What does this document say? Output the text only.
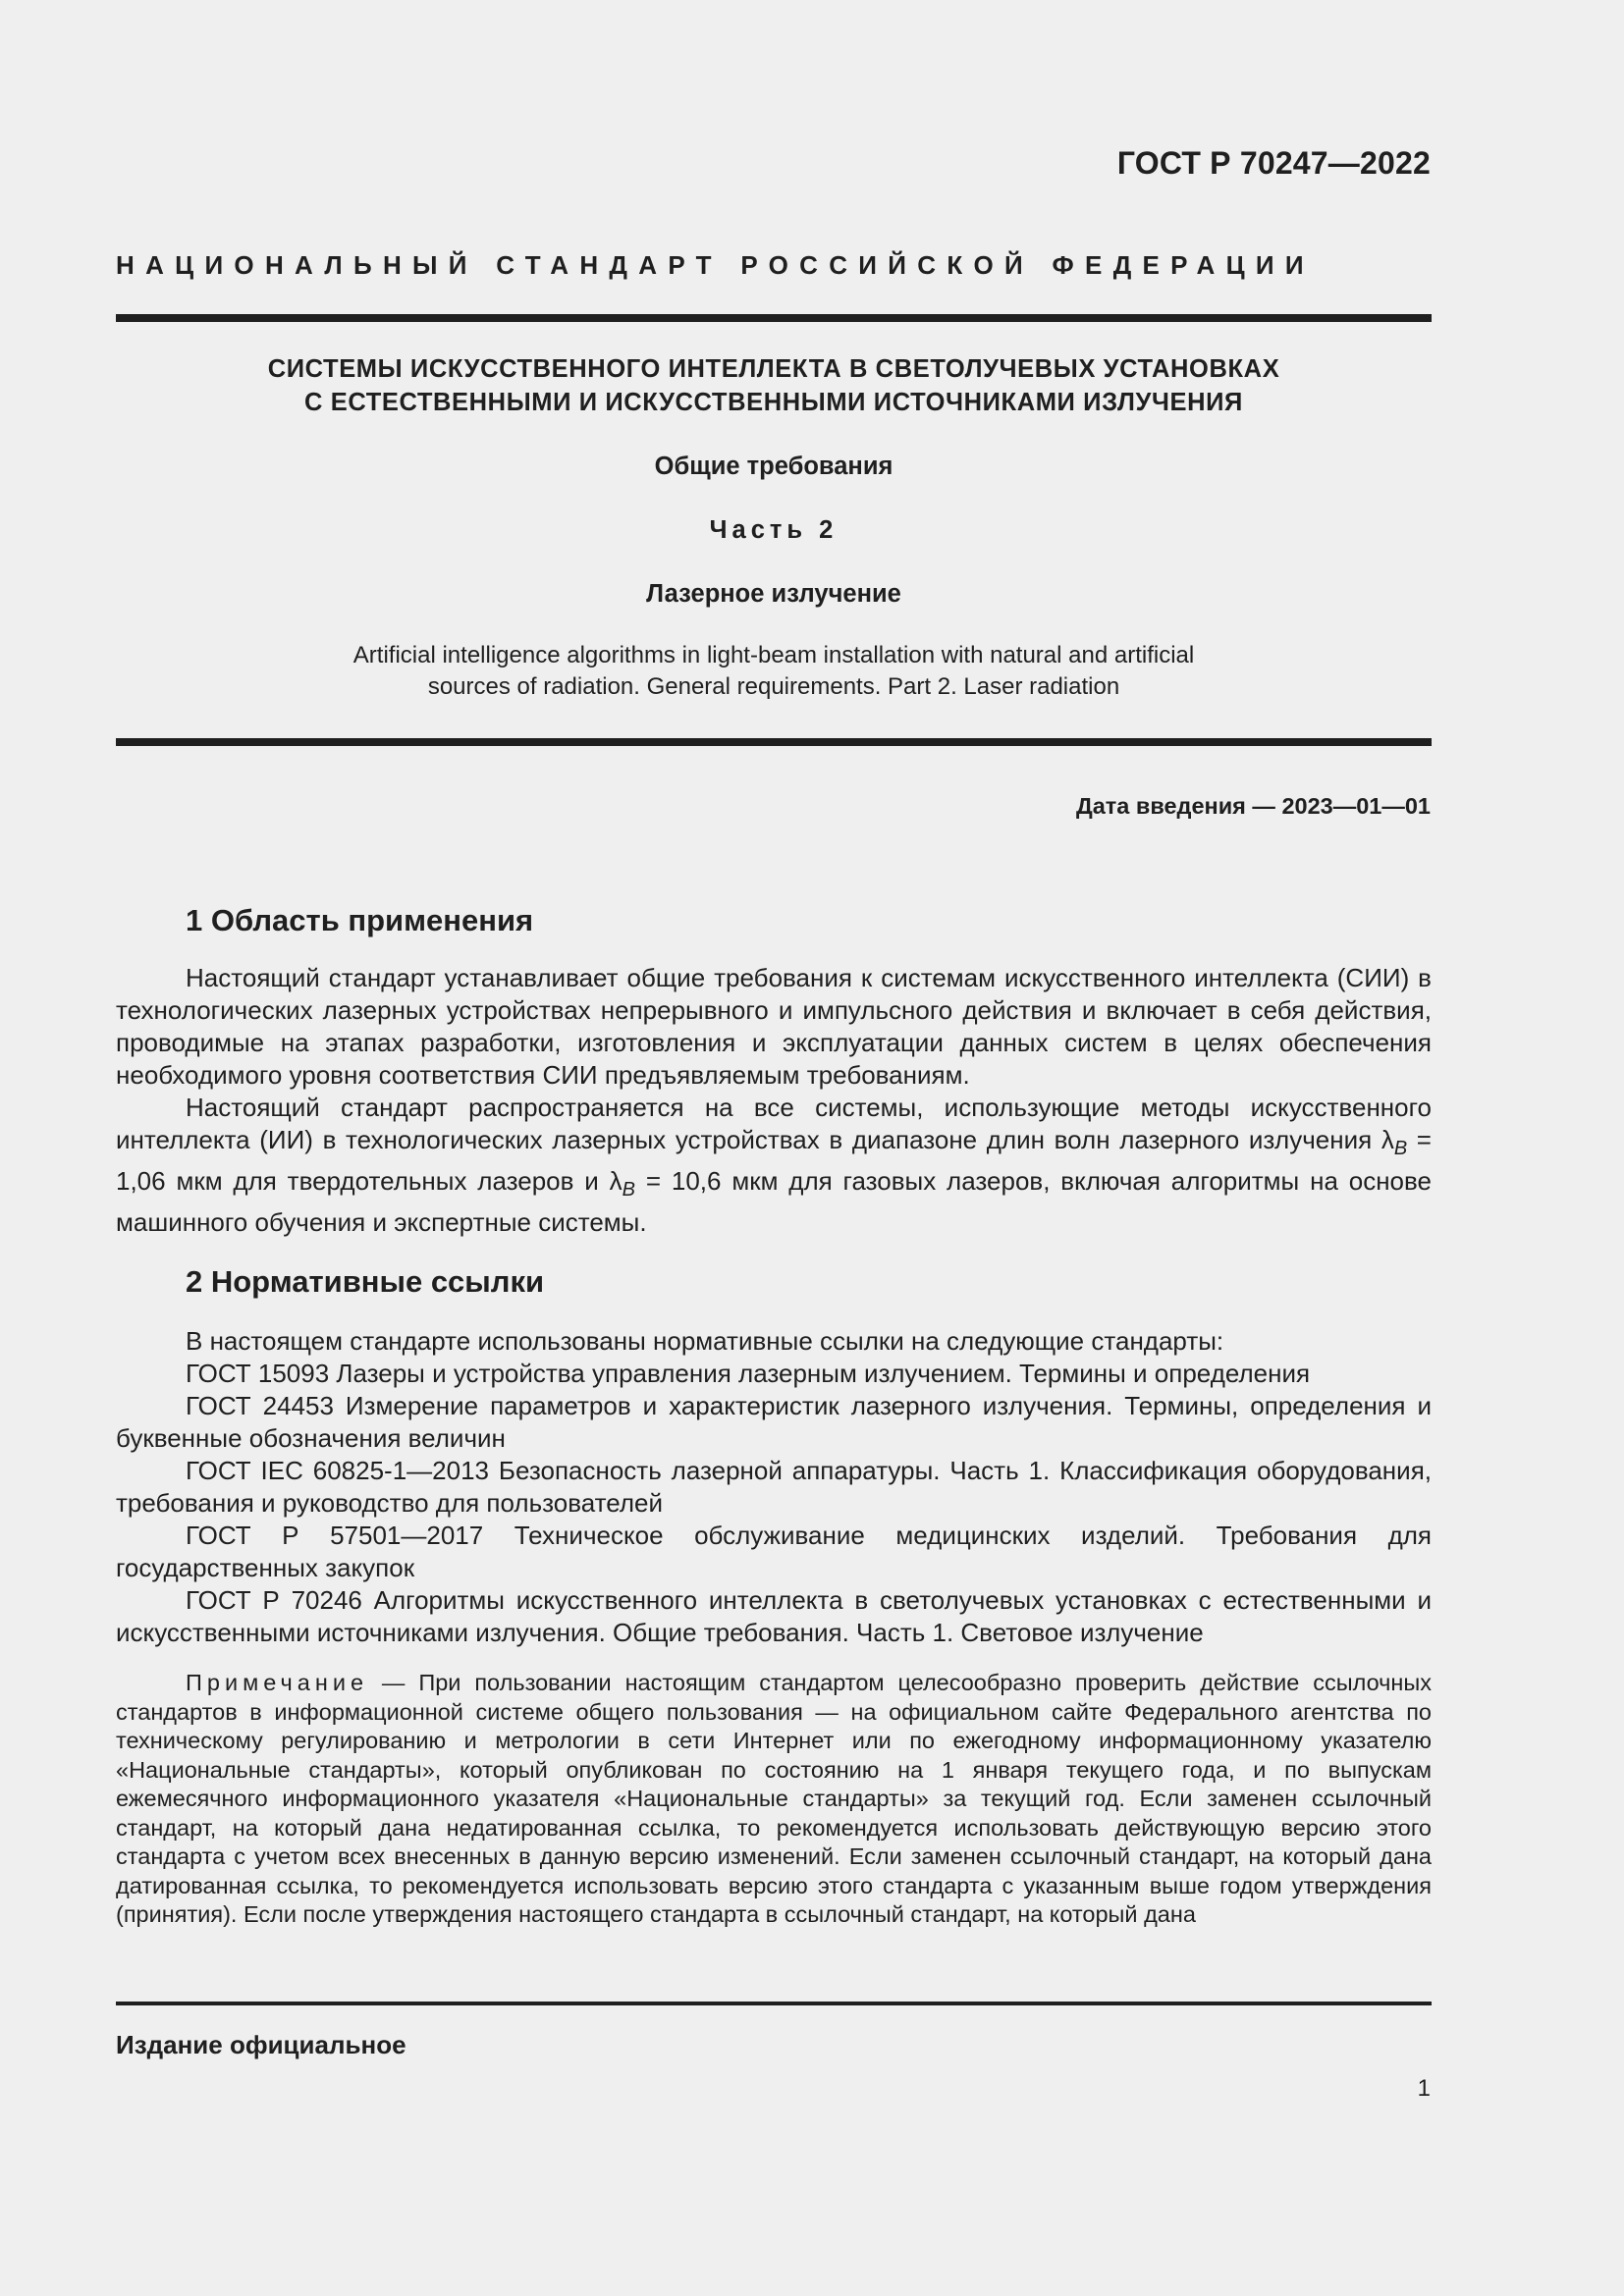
ГОСТ Р 70247—2022
НАЦИОНАЛЬНЫЙ СТАНДАРТ РОССИЙСКОЙ ФЕДЕРАЦИИ
СИСТЕМЫ ИСКУССТВЕННОГО ИНТЕЛЛЕКТА В СВЕТОЛУЧЕВЫХ УСТАНОВКАХ
С ЕСТЕСТВЕННЫМИ И ИСКУССТВЕННЫМИ ИСТОЧНИКАМИ ИЗЛУЧЕНИЯ
Общие требования
Часть 2
Лазерное излучение
Artificial intelligence algorithms in light-beam installation with natural and artificial
sources of radiation. General requirements. Part 2. Laser radiation
Дата введения — 2023—01—01
1 Область применения

Настоящий стандарт устанавливает общие требования к системам искусственного интеллекта (СИИ) в технологических лазерных устройствах непрерывного и импульсного действия и включает в себя действия, проводимые на этапах разработки, изготовления и эксплуатации данных систем в целях обеспечения необходимого уровня соответствия СИИ предъявляемым требованиям.

Настоящий стандарт распространяется на все системы, использующие методы искусственного интеллекта (ИИ) в технологических лазерных устройствах в диапазоне длин волн лазерного излучения $\lambda_B = 1,06$ мкм для твердотельных лазеров и $\lambda_B = 10,6$ мкм для газовых лазеров, включая алгоритмы на основе машинного обучения и экспертные системы.

2 Нормативные ссылки

В настоящем стандарте использованы нормативные ссылки на следующие стандарты:

ГОСТ 15093 Лазеры и устройства управления лазерным излучением. Термины и определения

ГОСТ 24453 Измерение параметров и характеристик лазерного излучения. Термины, определения и буквенные обозначения величин

ГОСТ IEC 60825-1—2013 Безопасность лазерной аппаратуры. Часть 1. Классификация оборудования, требования и руководство для пользователей

ГОСТ Р 57501—2017 Техническое обслуживание медицинских изделий. Требования для государственных закупок

ГОСТ Р 70246 Алгоритмы искусственного интеллекта в светолучевых установках с естественными и искусственными источниками излучения. Общие требования. Часть 1. Световое излучение

Примечание — При пользовании настоящим стандартом целесообразно проверить действие ссылочных стандартов в информационной системе общего пользования — на официальном сайте Федерального агентства по техническому регулированию и метрологии в сети Интернет или по ежегодному информационному указателю «Национальные стандарты», который опубликован по состоянию на 1 января текущего года, и по выпускам ежемесячного информационного указателя «Национальные стандарты» за текущий год. Если заменен ссылочный стандарт, на который дана недатированная ссылка, то рекомендуется использовать действующую версию этого стандарта с учетом всех внесенных в данную версию изменений. Если заменен ссылочный стандарт, на который дана датированная ссылка, то рекомендуется использовать версию этого стандарта с указанным выше годом утверждения (принятия). Если после утверждения настоящего стандарта в ссылочный стандарт, на который дана

Издание официальное
1
